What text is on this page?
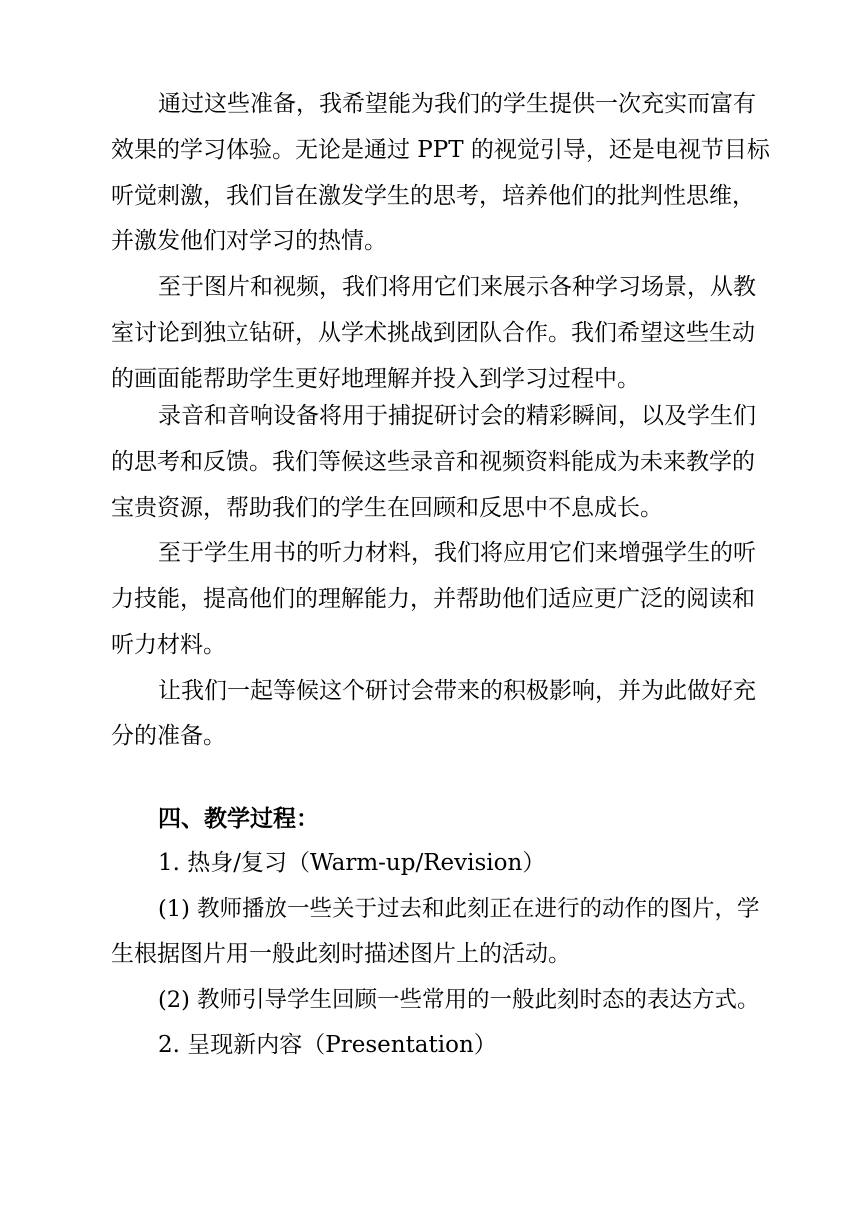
通过这些准备，我希望能为我们的学生提供一次充实而富有
效果的学习体验。无论是通过 PPT 的视觉引导，还是电视节目标
听觉刺激，我们旨在激发学生的思考，培养他们的批判性思维，
并激发他们对学习的热情。
至于图片和视频，我们将用它们来展示各种学习场景，从教
室讨论到独立钻研，从学术挑战到团队合作。我们希望这些生动
的画面能帮助学生更好地理解并投入到学习过程中。
录音和音响设备将用于捕捉研讨会的精彩瞬间，以及学生们
的思考和反馈。我们等候这些录音和视频资料能成为未来教学的
宝贵资源，帮助我们的学生在回顾和反思中不息成长。
至于学生用书的听力材料，我们将应用它们来增强学生的听
力技能，提高他们的理解能力，并帮助他们适应更广泛的阅读和
听力材料。
让我们一起等候这个研讨会带来的积极影响，并为此做好充
分的准备。
四、教学过程：
1. 热身/复习（Warm-up/Revision）
(1) 教师播放一些关于过去和此刻正在进行的动作的图片，学
生根据图片用一般此刻时描述图片上的活动。
(2) 教师引导学生回顾一些常用的一般此刻时态的表达方式。
2. 呈现新内容（Presentation）
